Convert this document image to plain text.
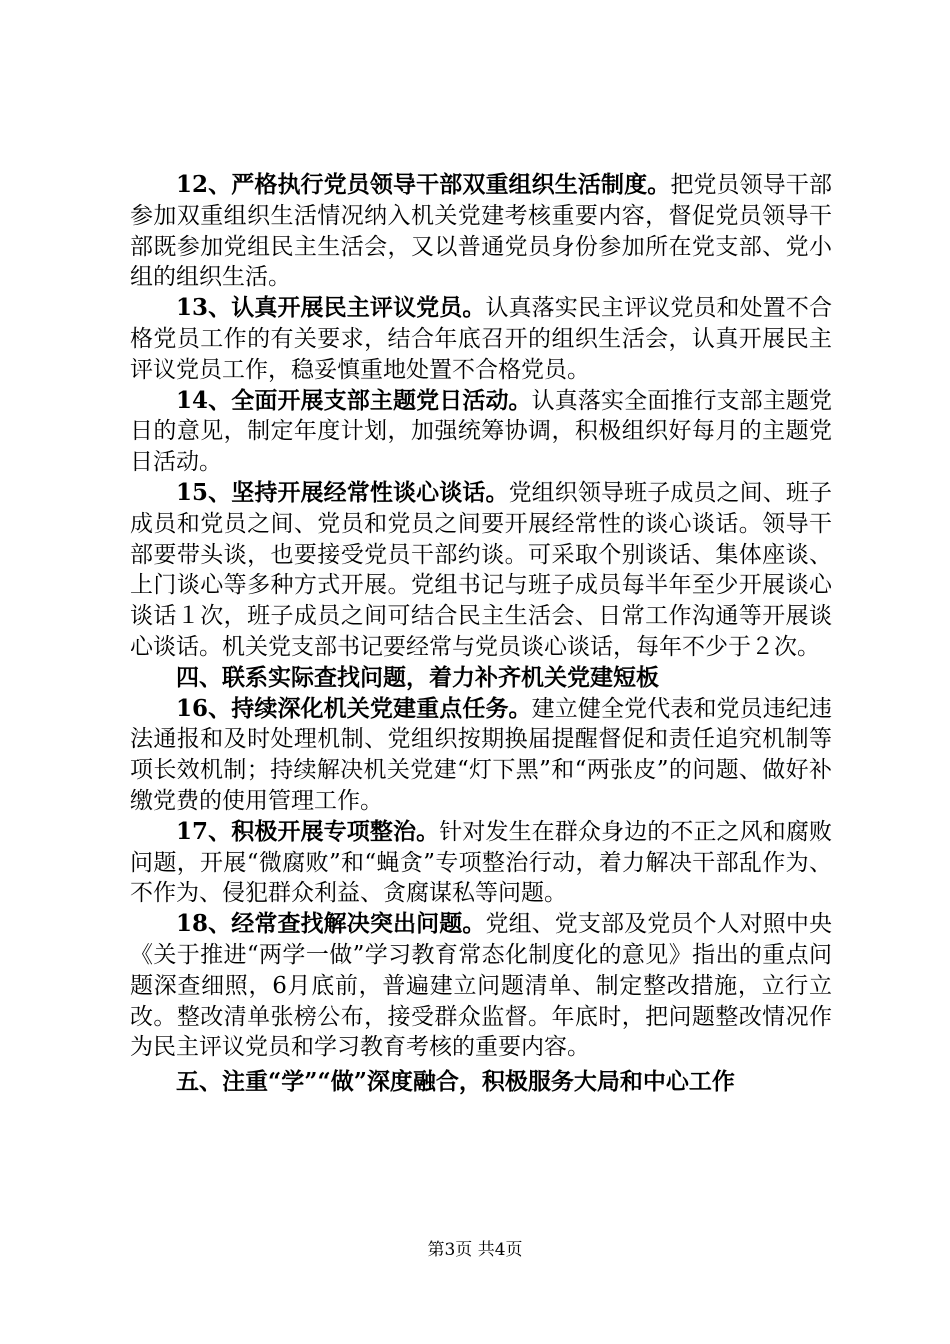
12、严格执行党员领导干部双重组织生活制度。把党员领导干部参加双重组织生活情况纳入机关党建考核重要内容，督促党员领导干部既参加党组民主生活会，又以普通党员身份参加所在党支部、党小组的组织生活。

13、认真开展民主评议党员。认真落实民主评议党员和处置不合格党员工作的有关要求，结合年底召开的组织生活会，认真开展民主评议党员工作，稳妥慎重地处置不合格党员。

14、全面开展支部主题党日活动。认真落实全面推行支部主题党日的意见，制定年度计划，加强统筹协调，积极组织好每月的主题党日活动。

15、坚持开展经常性谈心谈话。党组织领导班子成员之间、班子成员和党员之间、党员和党员之间要开展经常性的谈心谈话。领导干部要带头谈，也要接受党员干部约谈。可采取个别谈话、集体座谈、上门谈心等多种方式开展。党组书记与班子成员每半年至少开展谈心谈话１次，班子成员之间可结合民主生活会、日常工作沟通等开展谈心谈话。机关党支部书记要经常与党员谈心谈话，每年不少于２次。

四、联系实际查找问题，着力补齐机关党建短板

16、持续深化机关党建重点任务。建立健全党代表和党员违纪违法通报和及时处理机制、党组织按期换届提醒督促和责任追究机制等项长效机制；持续解决机关党建“灯下黑”和“两张皮”的问题、做好补缴党费的使用管理工作。

17、积极开展专项整治。针对发生在群众身边的不正之风和腐败问题，开展“微腐败”和“蝇贪”专项整治行动，着力解决干部乱作为、不作为、侵犯群众利益、贪腐谋私等问题。

18、经常查找解决突出问题。党组、党支部及党员个人对照中央《关于推进“两学一做”学习教育常态化制度化的意见》指出的重点问题深查细照，6月底前，普遍建立问题清单、制定整改措施，立行立改。整改清单张榜公布，接受群众监督。年底时，把问题整改情况作为民主评议党员和学习教育考核的重要内容。

五、注重“学”“做”深度融合，积极服务大局和中心工作

第3页 共4页
